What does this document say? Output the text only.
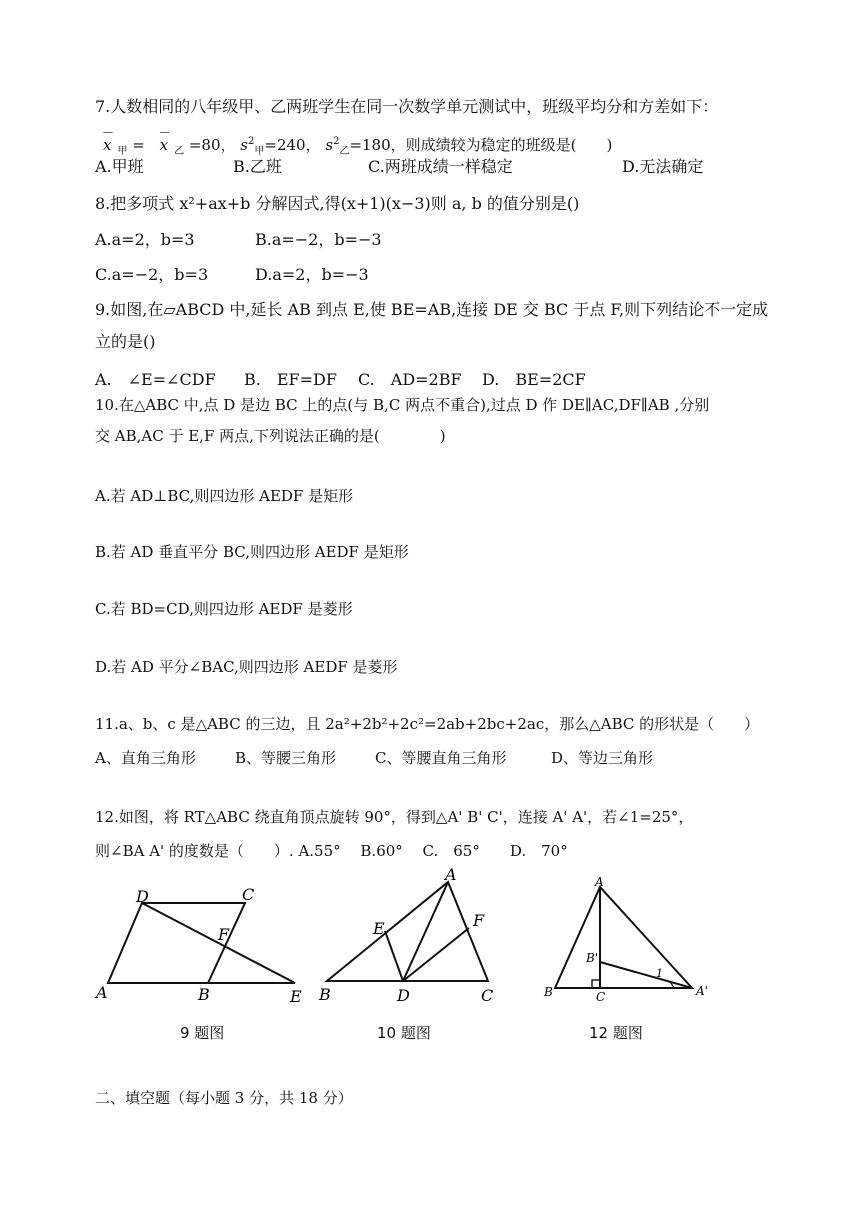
7.人数相同的八年级甲、乙两班学生在同一次数学单元测试中，班级平均分和方差如下：
—
x $_甲$ =
—
x $_乙$ =80， $s^2_甲=240$， $s^2_乙=180$，则成绩较为稳定的班级是(　　)
A.甲班	B.乙班	C.两班成绩一样稳定	D.无法确定
8.把多项式 x²+ax+b 分解因式,得(x+1)(x−3)则 a, b 的值分别是()
A.a=2，b=3	B.a=−2，b=−3
C.a=−2，b=3	D.a=2，b=−3
9.如图,在▱ABCD 中,延长 AB 到点 E,使 BE=AB,连接 DE 交 BC 于点 F,则下列结论不一定成
立的是()
A.　∠E=∠CDF B.　EF=DF C.　AD=2BF D.　BE=2CF
10.在△ABC 中,点 D 是边 BC 上的点(与 B,C 两点不重合),过点 D 作 DE∥AC,DF∥AB ,分别
交 AB,AC 于 E,F 两点,下列说法正确的是(　　　　)
A.若 AD⊥BC,则四边形 AEDF 是矩形
B.若 AD 垂直平分 BC,则四边形 AEDF 是矩形
C.若 BD=CD,则四边形 AEDF 是菱形
D.若 AD 平分∠BAC,则四边形 AEDF 是菱形
11.a、b、c 是△ABC 的三边，且 2a²+2b²+2c²=2ab+2bc+2ac，那么△ABC 的形状是（　　）
A、直角三角形	B、等腰三角形	C、等腰直角三角形	D、等边三角形
12.如图，将 RT△ABC 绕直角顶点旋转 90°，得到△A' B' C'，连接 A' A'，若∠1=25°，
则∠BA A' 的度数是（　　）. A.55°　 B.60°　 C.　65°　　D.　70°
D	C
F
A	B	E
9 题图
A
E	F
B	D	C
10 题图
A
B'
1
B	C	A'
12 题图
二、填空题（每小题 3 分，共 18 分）
